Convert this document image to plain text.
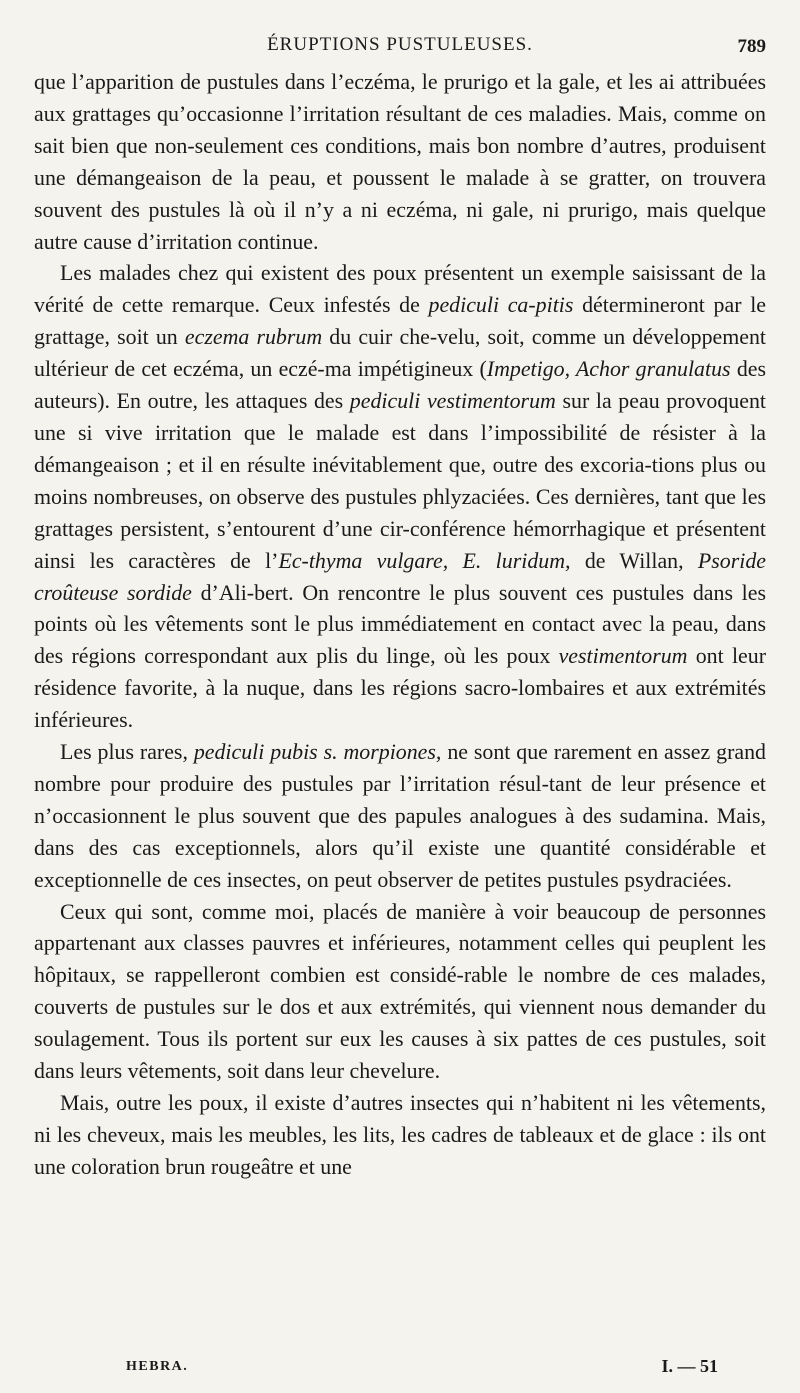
ÉRUPTIONS PUSTULEUSES.	789

que l’apparition de pustules dans l’eczéma, le prurigo et la gale, et les ai attribuées aux grattages qu’occasionne l’irritation résultant de ces maladies. Mais, comme on sait bien que non-seulement ces conditions, mais bon nombre d’autres, produisent une démangeaison de la peau, et poussent le malade à se gratter, on trouvera souvent des pustules là où il n’y a ni eczéma, ni gale, ni prurigo, mais quelque autre cause d’irritation continue.

Les malades chez qui existent des poux présentent un exemple saisissant de la vérité de cette remarque. Ceux infestés de pediculi ca-pitis détermineront par le grattage, soit un eczema rubrum du cuir che-velu, soit, comme un développement ultérieur de cet eczéma, un eczé-ma impétigineux (Impetigo, Achor granulatus des auteurs). En outre, les attaques des pediculi vestimentorum sur la peau provoquent une si vive irritation que le malade est dans l’impossibilité de résister à la démangeaison ; et il en résulte inévitablement que, outre des excoria-tions plus ou moins nombreuses, on observe des pustules phlyzaciées. Ces dernières, tant que les grattages persistent, s’entourent d’une cir-conférence hémorrhagique et présentent ainsi les caractères de l’Ec-thyma vulgare, E. luridum, de Willan, Psoride croûteuse sordide d’Ali-bert. On rencontre le plus souvent ces pustules dans les points où les vêtements sont le plus immédiatement en contact avec la peau, dans des régions correspondant aux plis du linge, où les poux vestimentorum ont leur résidence favorite, à la nuque, dans les régions sacro-lombaires et aux extrémités inférieures.

Les plus rares, pediculi pubis s. morpiones, ne sont que rarement en assez grand nombre pour produire des pustules par l’irritation résul-tant de leur présence et n’occasionnent le plus souvent que des papules analogues à des sudamina. Mais, dans des cas exceptionnels, alors qu’il existe une quantité considérable et exceptionnelle de ces insectes, on peut observer de petites pustules psydraciées.

Ceux qui sont, comme moi, placés de manière à voir beaucoup de personnes appartenant aux classes pauvres et inférieures, notamment celles qui peuplent les hôpitaux, se rappelleront combien est considé-rable le nombre de ces malades, couverts de pustules sur le dos et aux extrémités, qui viennent nous demander du soulagement. Tous ils portent sur eux les causes à six pattes de ces pustules, soit dans leurs vêtements, soit dans leur chevelure.

Mais, outre les poux, il existe d’autres insectes qui n’habitent ni les vêtements, ni les cheveux, mais les meubles, les lits, les cadres de tableaux et de glace : ils ont une coloration brun rougeâtre et une

HEBRA.	I. — 51
